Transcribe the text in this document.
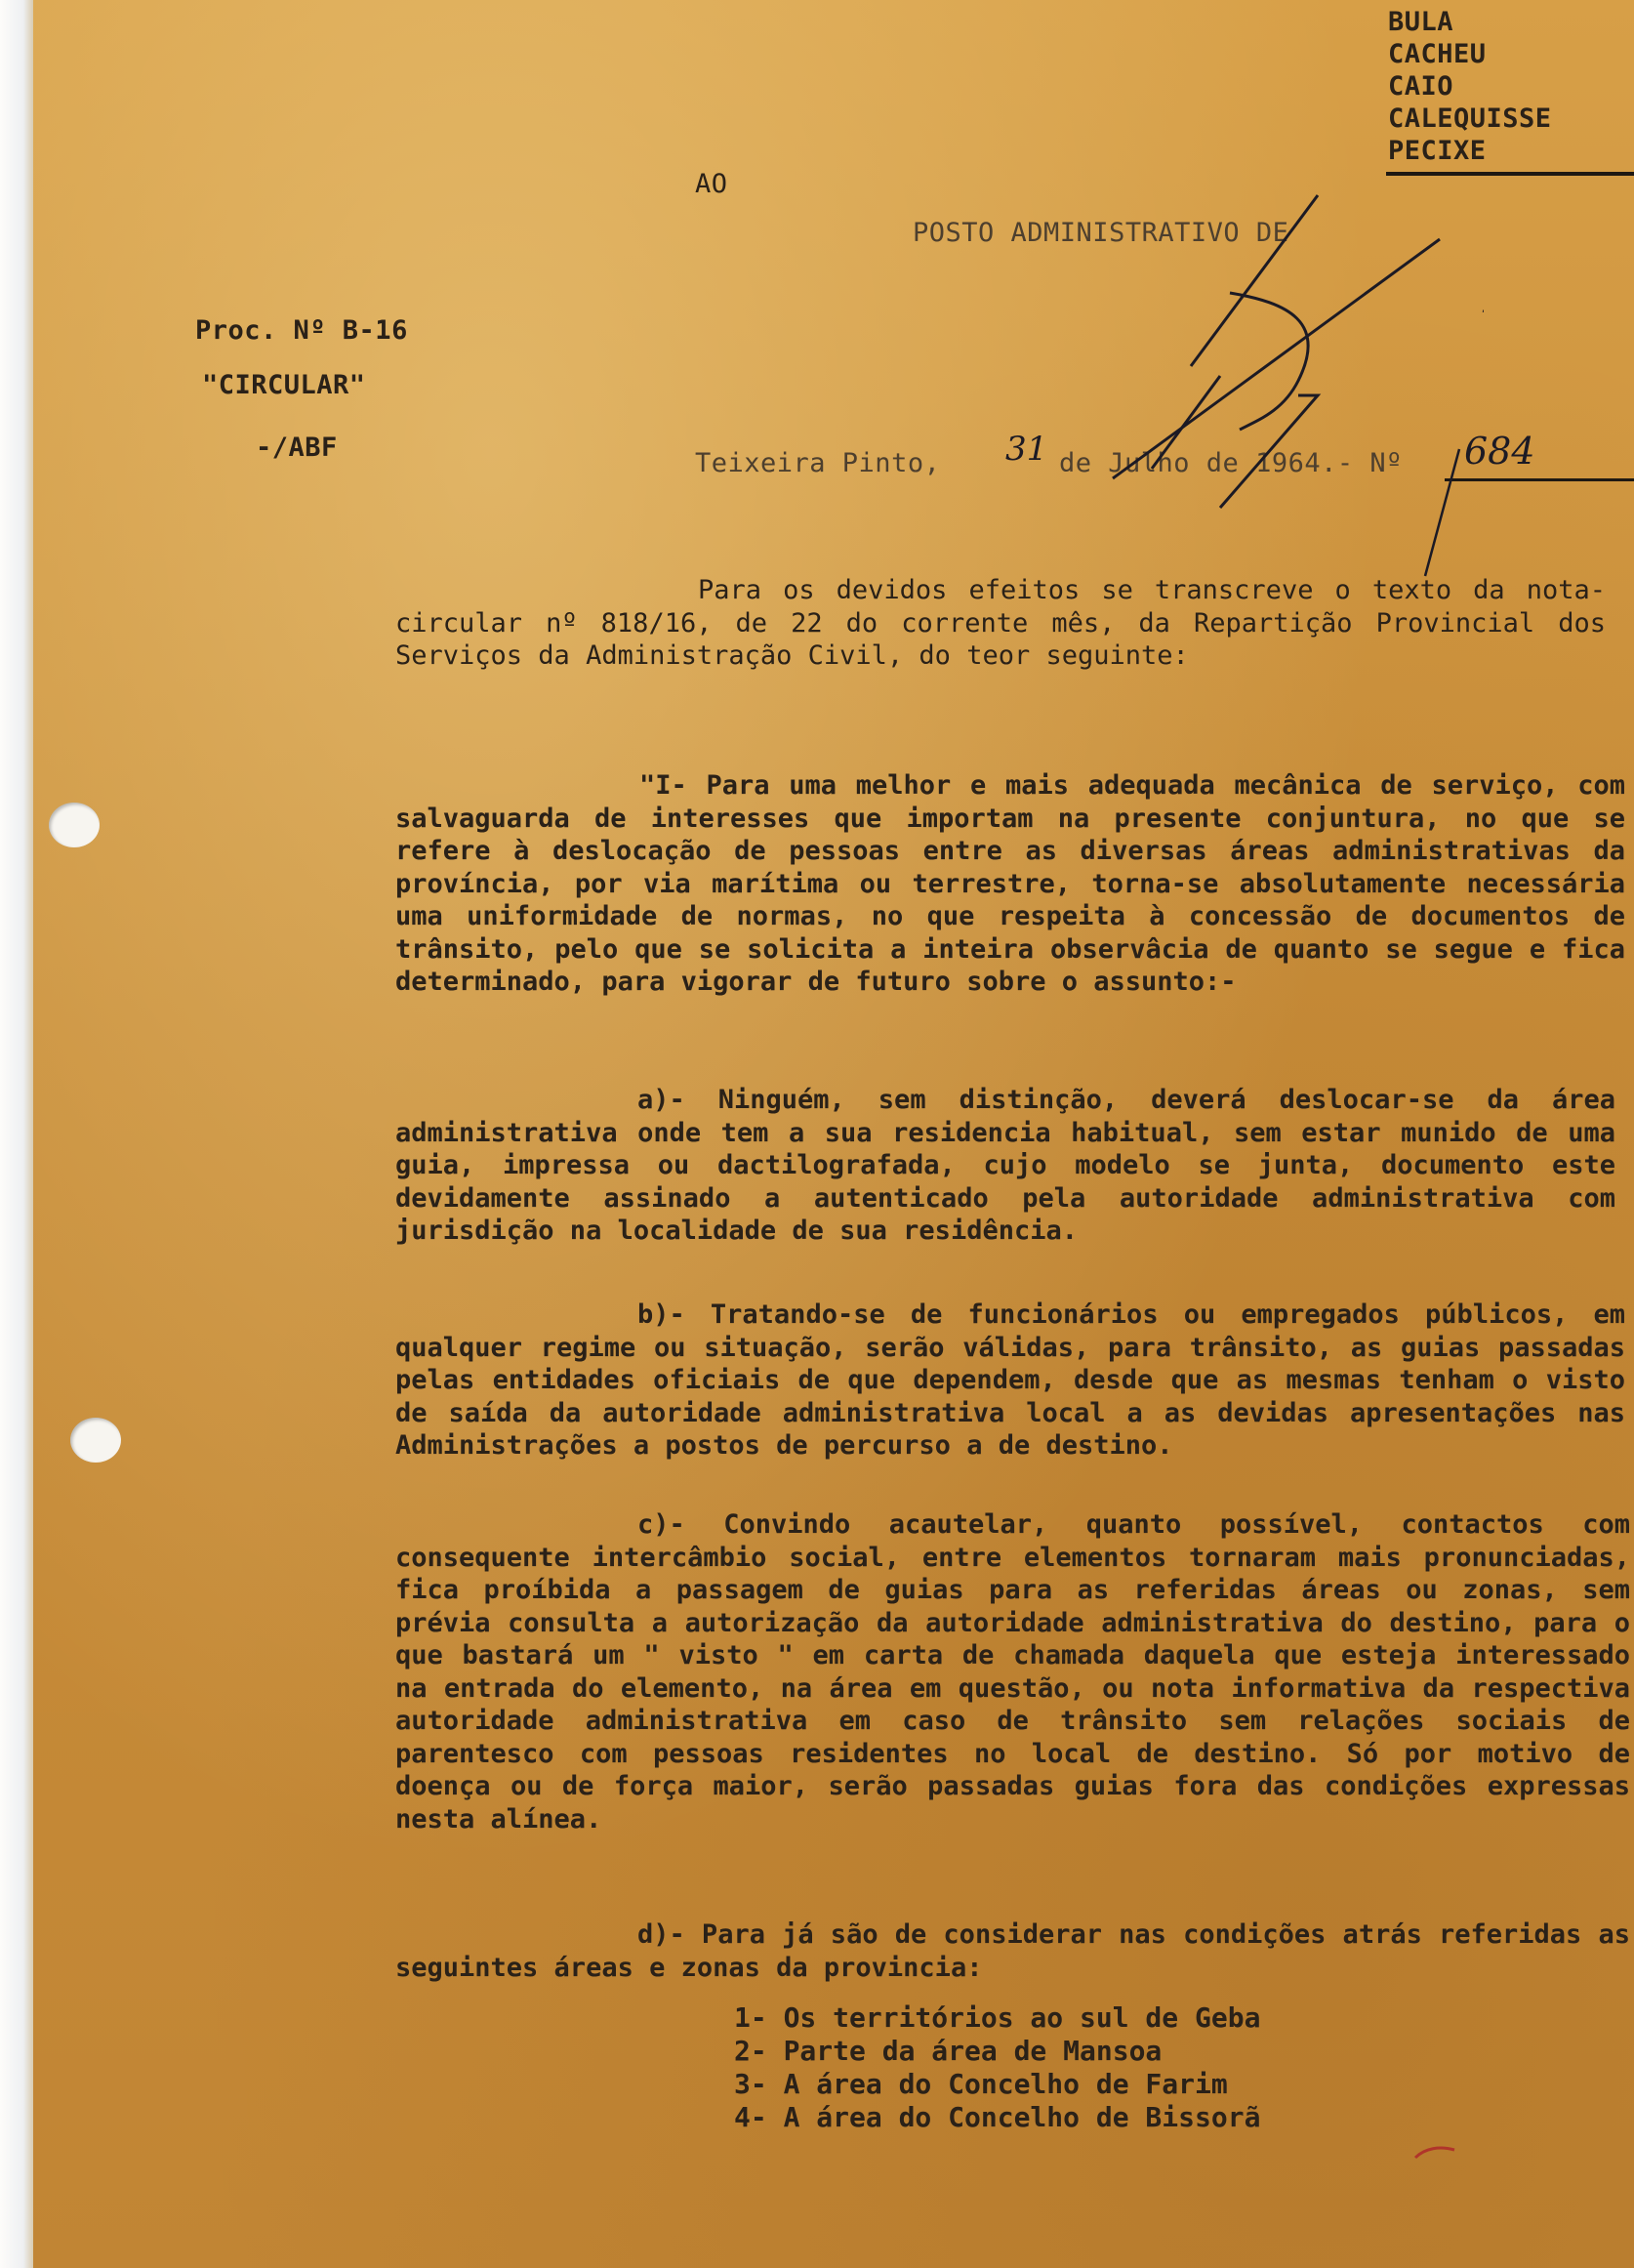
BULA
CACHEU
CAIO
CALEQUISSE
PECIXE
AO
POSTO ADMINISTRATIVO DE
Proc. Nº B-16
"CIRCULAR"
-/ABF
Teixeira Pinto, 31 de Julho de 1964.- Nº 684
Para os devidos efeitos se transcreve o texto da nota-circular nº 818/16, de 22 do corrente mês, da Repartição Provincial dos Serviços da Administração Civil, do teor seguinte:
"I- Para uma melhor e mais adequada mecânica de serviço, com salvaguarda de interesses que importam na presente conjuntura, no que se refere à deslocação de pessoas entre as diversas áreas administrativas da província, por via marítima ou terrestre, torna-se absolutamente necessária uma uniformidade de normas, no que respeita à concessão de documentos de trânsito, pelo que se solicita a inteira observâcia de quanto se segue e fica determinado, para vigorar de futuro sobre o assunto:-
a)- Ninguém, sem distinção, deverá deslocar-se da área administrativa onde tem a sua residencia habitual, sem estar munido de uma guia, impressa ou dactilografada, cujo modelo se junta, documento este devidamente assinado a autenticado pela autoridade administrativa com jurisdição na localidade de sua residência.
b)- Tratando-se de funcionários ou empregados públicos, em qualquer regime ou situação, serão válidas, para trânsito, as guias passadas pelas entidades oficiais de que dependem, desde que as mesmas tenham o visto de saída da autoridade administrativa local a as devidas apresentações nas Administrações a postos de percurso a de destino.
c)- Convindo acautelar, quanto possível, contactos com consequente intercâmbio social, entre elementos tornaram mais pronunciadas, fica proíbida a passagem de guias para as referidas áreas ou zonas, sem prévia consulta a autorização da autoridade administrativa do destino, para o que bastará um " visto " em carta de chamada daquela que esteja interessado na entrada do elemento, na área em questão, ou nota informativa da respectiva autoridade administrativa em caso de trânsito sem relações sociais de parentesco com pessoas residentes no local de destino. Só por motivo de doença ou de força maior, serão passadas guias fora das condições expressas nesta alínea.
d)- Para já são de considerar nas condições atrás referidas as seguintes áreas e zonas da provincia:
1- Os territórios ao sul de Geba
2- Parte da área de Mansoa
3- A área do Concelho de Farim
4- A área do Concelho de Bissorã
